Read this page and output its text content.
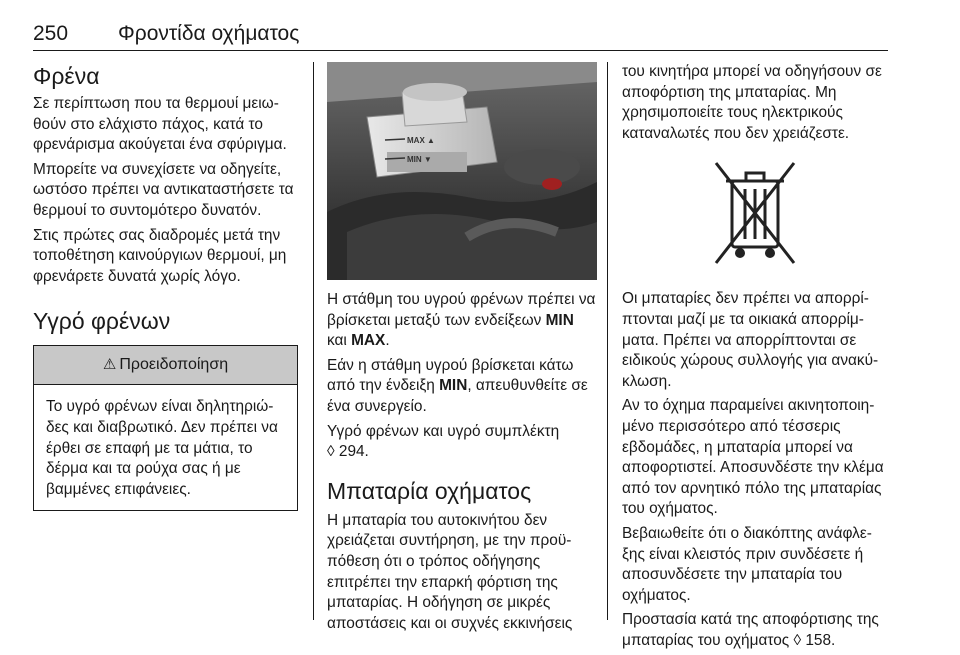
250 Φροντίδα οχήματος
Φρένα

Σε περίπτωση που τα θερμουί μειω-θούν στο ελάχιστο πάχος, κατά το φρενάρισμα ακούγεται ένα σφύριγμα.

Μπορείτε να συνεχίσετε να οδηγείτε, ωστόσο πρέπει να αντικαταστήσετε τα θερμουί το συντομότερο δυνατόν.

Στις πρώτες σας διαδρομές μετά την τοποθέτηση καινούργιων θερμουί, μη φρενάρετε δυνατά χωρίς λόγο.

Υγρό φρένων
⚠ Προειδοποίηση
Το υγρό φρένων είναι δηλητηριώ-δες και διαβρωτικό. Δεν πρέπει να έρθει σε επαφή με τα μάτια, το δέρμα και τα ρούχα σας ή με βαμμένες επιφάνειες.
MAX ▲
MIN ▼

Η στάθμη του υγρού φρένων πρέπει να βρίσκεται μεταξύ των ενδείξεων MIN και MAX.

Εάν η στάθμη υγρού βρίσκεται κάτω από την ένδειξη MIN, απευθυνθείτε σε ένα συνεργείο.

Υγρό φρένων και υγρό συμπλέκτη
◊ 294.

Μπαταρία οχήματος

Η μπαταρία του αυτοκινήτου δεν χρειάζεται συντήρηση, με την προϋ-πόθεση ότι ο τρόπος οδήγησης επιτρέπει την επαρκή φόρτιση της μπαταρίας. Η οδήγηση σε μικρές αποστάσεις και οι συχνές εκκινήσεις

του κινητήρα μπορεί να οδηγήσουν σε αποφόρτιση της μπαταρίας. Μη χρησιμοποιείτε τους ηλεκτρικούς καταναλωτές που δεν χρειάζεστε.

Οι μπαταρίες δεν πρέπει να απορρί-πτονται μαζί με τα οικιακά απορρίμ-ματα. Πρέπει να απορρίπτονται σε ειδικούς χώρους συλλογής για ανακύ-κλωση.

Αν το όχημα παραμείνει ακινητοποιη-μένο περισσότερο από τέσσερις εβδομάδες, η μπαταρία μπορεί να αποφορτιστεί. Αποσυνδέστε την κλέμα από τον αρνητικό πόλο της μπαταρίας του οχήματος.

Βεβαιωθείτε ότι ο διακόπτης ανάφλε-ξης είναι κλειστός πριν συνδέσετε ή αποσυνδέσετε την μπαταρία του οχήματος.

Προστασία κατά της αποφόρτισης της μπαταρίας του οχήματος ◊ 158.
